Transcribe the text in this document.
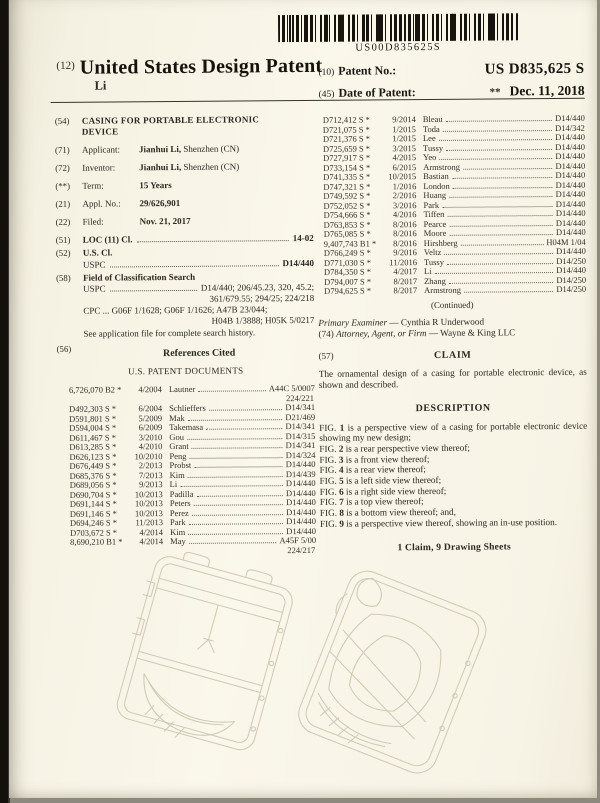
US00D835625S
$^{(12)}$ United States Design Patent
Li
(10) Patent No.:	US D835,625 S
(45) Date of Patent:	** Dec. 11, 2018
(54)	CASING FOR PORTABLE ELECTRONIC DEVICE
(71)	Applicant: Jianhui Li, Shenzhen (CN)
(72)	Inventor:	Jianhui Li, Shenzhen (CN)
(**)	Term:	15 Years
(21)	Appl. No.: 29/626,901
(22)	Filed:	Nov. 21, 2017
(51)	LOC (11) Cl.	14-02
(52)	U.S. Cl.
USPC	D14/440
(58)	Field of Classification Search
USPC	D14/440; 206/45.23, 320, 45.2;
361/679.55; 294/25; 224/218
CPC ... G06F 1/1628; G06F 1/1626; A47B 23/044;
H04B 1/3888; H05K 5/0217
See application file for complete search history.
(56)	References Cited
U.S. PATENT DOCUMENTS
6,726,070 B2 *	4/2004 Lautner	A44C 5/0007
224/221
D492,303 S *	6/2004 Schlieffers	D14/341
D591,801 S *	5/2009 Mak	D21/469
D594,004 S *	6/2009 Takemasa	D14/341
D611,467 S *	3/2010 Gou	D14/315
D613,285 S *	4/2010 Grant	D14/341
D626,123 S *	10/2010 Peng	D14/324
D676,449 S *	2/2013 Probst	D14/440
D685,376 S *	7/2013 Kim	D14/439
D689,056 S *	9/2013 Li	D14/440
D690,704 S *	10/2013 Padilla	D14/440
D691,144 S *	10/2013 Peters	D14/440
D691,146 S *	10/2013 Perez	D14/440
D694,246 S *	11/2013 Park	D14/440
D703,672 S *	4/2014 Kim	D14/440
8,690,210 B1 *	4/2014 May	A45F 5/00
224/217
D712,412 S *	9/2014 Bleau	D14/440
D721,075 S *	1/2015 Toda	D14/342
D721,376 S *	1/2015 Lee	D14/440
D725,659 S *	3/2015 Tussy	D14/440
D727,917 S *	4/2015 Yeo	D14/440
D733,154 S *	6/2015 Armstrong	D14/440
D741,335 S *	10/2015 Bastian	D14/440
D747,321 S *	1/2016 London	D14/440
D749,592 S *	2/2016 Huang	D14/440
D752,052 S *	3/2016 Park	D14/440
D754,666 S *	4/2016 Tiffen	D14/440
D763,853 S *	8/2016 Pearce	D14/440
D765,085 S *	8/2016 Moore	D14/440
9,407,743 B1 *	8/2016 Hirshberg	H04M 1/04
D766,249 S *	9/2016 Veltz	D14/440
D771,030 S *	11/2016 Tussy	D14/250
D784,350 S *	4/2017 Li	D14/440
D794,007 S *	8/2017 Zhang	D14/250
D794,625 S *	8/2017 Armstrong	D14/250
(Continued)
Primary Examiner — Cynthia R Underwood
(74) Attorney, Agent, or Firm — Wayne & King LLC
(57)	CLAIM
The ornamental design of a casing for portable electronic device, as shown and described.
DESCRIPTION

FIG. 1 is a perspective view of a casing for portable electronic device showing my new design;

FIG. 2 is a rear perspective view thereof;

FIG. 3 is a front view thereof;

FIG. 4 is a rear view thereof;

FIG. 5 is a left side view thereof;

FIG. 6 is a right side view thereof;

FIG. 7 is a top view thereof;

FIG. 8 is a bottom view thereof; and,

FIG. 9 is a perspective view thereof, showing an in-use position.

1 Claim, 9 Drawing Sheets
